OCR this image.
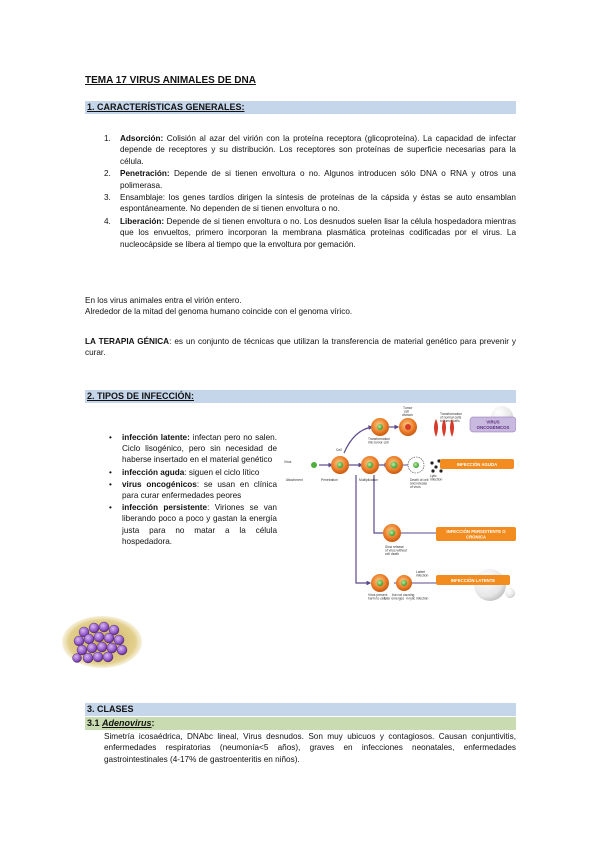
TEMA 17 VIRUS ANIMALES DE DNA
1. CARACTERÍSTICAS GENERALES:
1. Adsorción: Colisión al azar del virión con la proteína receptora (glicoproteína). La capacidad de infectar depende de receptores y su distribución. Los receptores son proteínas de superficie necesarias para la célula.
2. Penetración: Depende de si tienen envoltura o no. Algunos introducen sólo DNA o RNA y otros una polimerasa.
3. Ensamblaje: los genes tardíos dirigen la síntesis de proteínas de la cápsida y éstas se auto ensamblan espontáneamente. No dependen de si tienen envoltura o no.
4. Liberación: Depende de si tienen envoltura o no. Los desnudos suelen lisar la célula hospedadora mientras que los envueltos, primero incorporan la membrana plasmática proteínas codificadas por el virus. La nucleocápside se libera al tiempo que la envoltura por gemación.
En los virus animales entra el virión entero.
Alrededor de la mitad del genoma humano coincide con el genoma vírico.
LA TERAPIA GÉNICA: es un conjunto de técnicas que utilizan la transferencia de material genético para prevenir y curar.
2. TIPOS DE INFECCIÓN:
• infección latente: infectan pero no salen. Ciclo lisogénico, pero sin necesidad de haberse insertado en el material genético
• infección aguda: siguen el ciclo lítico
• virus oncogénicos: se usan en clínica para curar enfermedades peores
• infección persistente: Viriones se van liberando poco a poco y gastan la energía justa para no matar a la célula hospedadora.
VIRUS
ONCOGÉNICOS
INFECCIÓN AGUDA
INFECCIÓN PERSISTENTE O
CRONICA
INFECCIÓN LATENTE
Tumor
cell
division
Transformation
into tumor cell
Transformation
of normal cells
to tumor cells
Virus
Cell
Attachment	Penetration	Multiplication	Death of cell
and release
of virus
Lytic
infection
Slow release
of virus without
cell death
Latent
infection
Virus present but not causing
harm to cell,
later emerges in lytic infection
3. CLASES
3.1 Adenovirus:
Simetría icosaédrica, DNAbc lineal, Virus desnudos. Son muy ubicuos y contagiosos. Causan conjuntivitis, enfermedades respiratorias (neumonía<5 años), graves en infecciones neonatales, enfermedades gastrointestinales (4-17% de gastroenteritis en niños).
